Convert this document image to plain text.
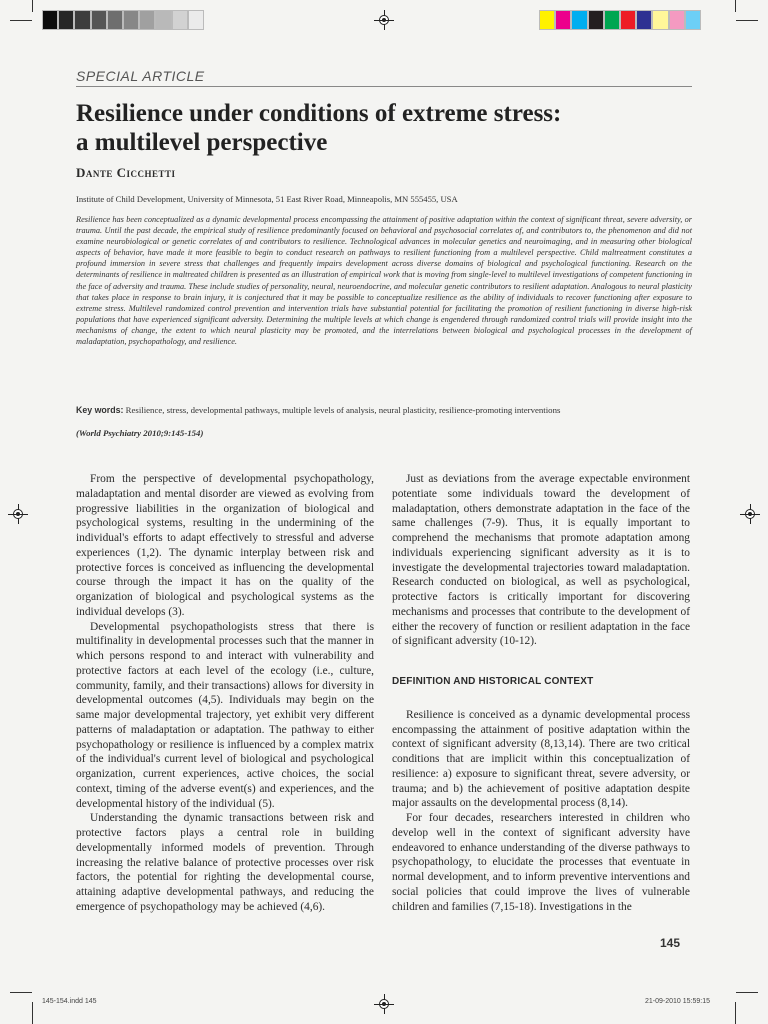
SPECIAL ARTICLE
Resilience under conditions of extreme stress:
a multilevel perspective
Dante Cicchetti
Institute of Child Development, University of Minnesota, 51 East River Road, Minneapolis, MN 555455, USA
Resilience has been conceptualized as a dynamic developmental process encompassing the attainment of positive adaptation within the context of significant threat, severe adversity, or trauma. Until the past decade, the empirical study of resilience predominantly focused on behavioral and psychosocial correlates of, and contributors to, the phenomenon and did not examine neurobiological or genetic correlates of and contributors to resilience. Technological advances in molecular genetics and neuroimaging, and in measuring other biological aspects of behavior, have made it more feasible to begin to conduct research on pathways to resilient functioning from a multilevel perspective. Child maltreatment constitutes a profound immersion in severe stress that challenges and frequently impairs development across diverse domains of biological and psychological functioning. Research on the determinants of resilience in maltreated children is presented as an illustration of empirical work that is moving from single-level to multilevel investigations of competent functioning in the face of adversity and trauma. These include studies of personality, neural, neuroendocrine, and molecular genetic contributors to resilient adaptation. Analogous to neural plasticity that takes place in response to brain injury, it is conjectured that it may be possible to conceptualize resilience as the ability of individuals to recover functioning after exposure to extreme stress. Multilevel randomized control prevention and intervention trials have substantial potential for facilitating the promotion of resilient functioning in diverse high-risk populations that have experienced significant adversity. Determining the multiple levels at which change is engendered through randomized control trials will provide insight into the mechanisms of change, the extent to which neural plasticity may be promoted, and the interrelations between biological and psychological processes in the development of maladaptation, psychopathology, and resilience.
Key words: Resilience, stress, developmental pathways, multiple levels of analysis, neural plasticity, resilience-promoting interventions
(World Psychiatry 2010;9:145-154)

From the perspective of developmental psychopathology, maladaptation and mental disorder are viewed as evolving from progressive liabilities in the organization of biological and psychological systems, resulting in the undermining of the individual's efforts to adapt effectively to stressful and adverse experiences (1,2). The dynamic interplay between risk and protective forces is conceived as influencing the developmental course through the impact it has on the quality of the organization of biological and psychological systems as the individual develops (3).

Developmental psychopathologists stress that there is multifinality in developmental processes such that the manner in which persons respond to and interact with vulnerability and protective factors at each level of the ecology (i.e., culture, community, family, and their transactions) allows for diversity in developmental outcomes (4,5). Individuals may begin on the same major developmental trajectory, yet exhibit very different patterns of maladaptation or adaptation. The pathway to either psychopathology or resilience is influenced by a complex matrix of the individual's current level of biological and psychological organization, current experiences, active choices, the social context, timing of the adverse event(s) and experiences, and the developmental history of the individual (5).

Understanding the dynamic transactions between risk and protective factors plays a central role in building developmentally informed models of prevention. Through increasing the relative balance of protective processes over risk factors, the potential for righting the developmental course, attaining adaptive developmental pathways, and reducing the emergence of psychopathology may be achieved (4,6).

Just as deviations from the average expectable environment potentiate some individuals toward the development of maladaptation, others demonstrate adaptation in the face of the same challenges (7-9). Thus, it is equally important to comprehend the mechanisms that promote adaptation among individuals experiencing significant adversity as it is to investigate the developmental trajectories toward maladaptation. Research conducted on biological, as well as psychological, protective factors is critically important for discovering mechanisms and processes that contribute to the development of either the recovery of function or resilient adaptation in the face of significant adversity (10-12).

DEFINITION AND HISTORICAL CONTEXT

Resilience is conceived as a dynamic developmental process encompassing the attainment of positive adaptation within the context of significant adversity (8,13,14). There are two critical conditions that are implicit within this conceptualization of resilience: a) exposure to significant threat, severe adversity, or trauma; and b) the achievement of positive adaptation despite major assaults on the developmental process (8,14).

For four decades, researchers interested in children who develop well in the context of significant adversity have endeavored to enhance understanding of the diverse pathways to psychopathology, to elucidate the processes that eventuate in normal development, and to inform preventive interventions and social policies that could improve the lives of vulnerable children and families (7,15-18). Investigations in the

145
145-154.indd 145	21-09-2010 15:59:15
